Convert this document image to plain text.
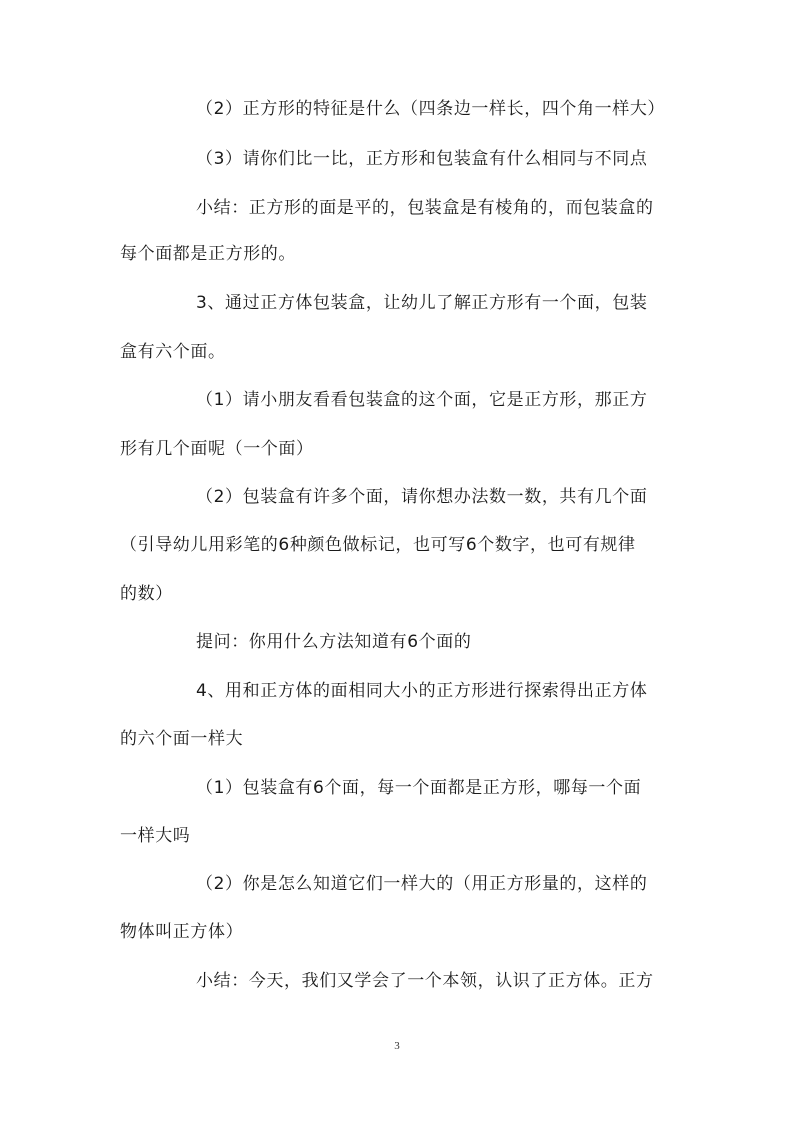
（2）正方形的特征是什么（四条边一样长，四个角一样大）
（3）请你们比一比，正方形和包装盒有什么相同与不同点
小结：正方形的面是平的，包装盒是有棱角的，而包装盒的
每个面都是正方形的。
3、通过正方体包装盒，让幼儿了解正方形有一个面，包装
盒有六个面。
（1）请小朋友看看包装盒的这个面，它是正方形，那正方
形有几个面呢（一个面）
（2）包装盒有许多个面，请你想办法数一数，共有几个面
（引导幼儿用彩笔的6种颜色做标记，也可写6个数字，也可有规律
的数）
提问：你用什么方法知道有6个面的
4、用和正方体的面相同大小的正方形进行探索得出正方体
的六个面一样大
（1）包装盒有6个面，每一个面都是正方形，哪每一个面
一样大吗
（2）你是怎么知道它们一样大的（用正方形量的，这样的
物体叫正方体）
小结：今天，我们又学会了一个本领，认识了正方体。正方
3
